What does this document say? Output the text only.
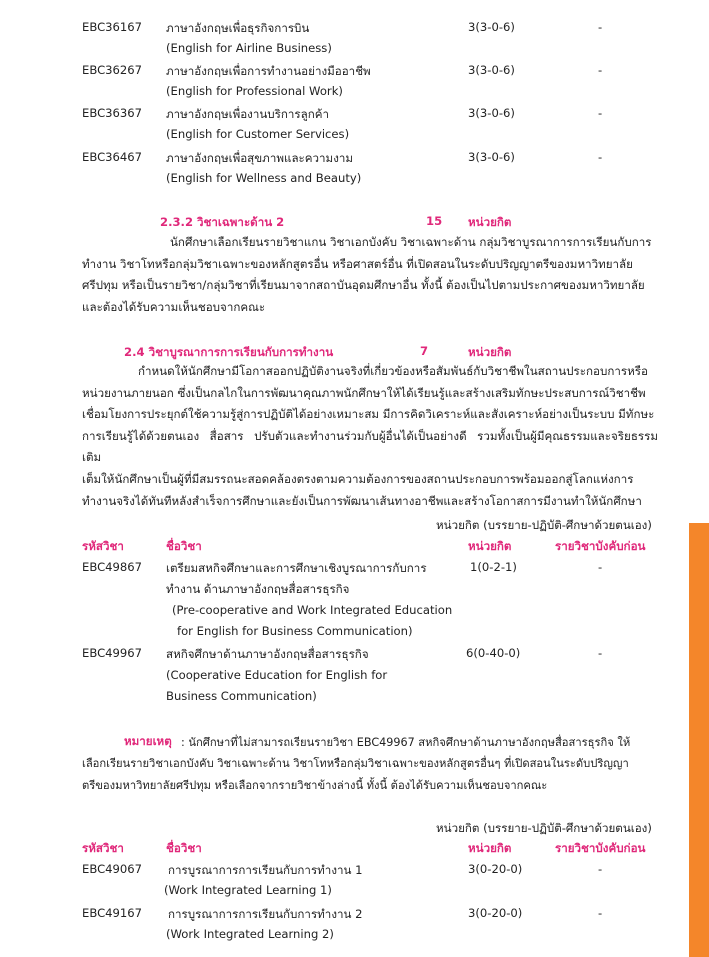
EBC36167 ภาษาอังกฤษเพื่อธุรกิจการบิน
(English for Airline Business)
3(3-0-6)	-
EBC36267 ภาษาอังกฤษเพื่อการทำงานอย่างมืออาชีพ
(English for Professional Work)
3(3-0-6)	-
EBC36367 ภาษาอังกฤษเพื่องานบริการลูกค้า
(English for Customer Services)
3(3-0-6)	-
EBC36467 ภาษาอังกฤษเพื่อสุขภาพและความงาม
(English for Wellness and Beauty)
3(3-0-6)	-
2.3.2 วิชาเฉพาะด้าน 2	15 หน่วยกิต
นักศึกษาเลือกเรียนรายวิชาแกน วิชาเอกบังคับ วิชาเฉพาะด้าน กลุ่มวิชาบูรณาการการเรียนกับการ
ทำงาน วิชาโทหรือกลุ่มวิชาเฉพาะของหลักสูตรอื่น หรือศาสตร์อื่น ที่เปิดสอนในระดับปริญญาตรีของมหาวิทยาลัย
ศรีปทุม หรือเป็นรายวิชา/กลุ่มวิชาที่เรียนมาจากสถาบันอุดมศึกษาอื่น ทั้งนี้ ต้องเป็นไปตามประกาศของมหาวิทยาลัย
และต้องได้รับความเห็นชอบจากคณะ
2.4 วิชาบูรณาการการเรียนกับการทำงาน	7	หน่วยกิต
กำหนดให้นักศึกษามีโอกาสออกปฏิบัติงานจริงที่เกี่ยวข้องหรือสัมพันธ์กับวิชาชีพในสถานประกอบการหรือ
หน่วยงานภายนอก ซึ่งเป็นกลไกในการพัฒนาคุณภาพนักศึกษาให้ได้เรียนรู้และสร้างเสริมทักษะประสบการณ์วิชาชีพ
เชื่อมโยงการประยุกต์ใช้ความรู้สู่การปฏิบัติได้อย่างเหมาะสม มีการคิดวิเคราะห์และสังเคราะห์อย่างเป็นระบบ มีทักษะ
การเรียนรู้ได้ด้วยตนเอง สื่อสาร ปรับตัวและทำงานร่วมกับผู้อื่นได้เป็นอย่างดี รวมทั้งเป็นผู้มีคุณธรรมและจริยธรรม เติม
เต็มให้นักศึกษาเป็นผู้ที่มีสมรรถนะสอดคล้องตรงตามความต้องการของสถานประกอบการพร้อมออกสู่โลกแห่งการ
ทำงานจริงได้ทันทีหลังสำเร็จการศึกษาและยังเป็นการพัฒนาเส้นทางอาชีพและสร้างโอกาสการมีงานทำให้นักศึกษา
หน่วยกิต (บรรยาย-ปฏิบัติ-ศึกษาด้วยตนเอง)
รหัสวิชา	ชื่อวิชา	หน่วยกิต	รายวิชาบังคับก่อน
EBC49867 เตรียมสหกิจศึกษาและการศึกษาเชิงบูรณาการกับการ
ทำงาน ด้านภาษาอังกฤษสื่อสารธุรกิจ
(Pre-cooperative and Work Integrated Education
for English for Business Communication)
1(0-2-1)	-
EBC49967 สหกิจศึกษาด้านภาษาอังกฤษสื่อสารธุรกิจ
(Cooperative Education for English for
Business Communication)
6(0-40-0)	-
หมายเหตุ : นักศึกษาที่ไม่สามารถเรียนรายวิชา EBC49967 สหกิจศึกษาด้านภาษาอังกฤษสื่อสารธุรกิจ ให้
เลือกเรียนรายวิชาเอกบังคับ วิชาเฉพาะด้าน วิชาโทหรือกลุ่มวิชาเฉพาะของหลักสูตรอื่นๆ ที่เปิดสอนในระดับปริญญา
ตรีของมหาวิทยาลัยศรีปทุม หรือเลือกจากรายวิชาข้างล่างนี้ ทั้งนี้ ต้องได้รับความเห็นชอบจากคณะ
หน่วยกิต (บรรยาย-ปฏิบัติ-ศึกษาด้วยตนเอง)
รหัสวิชา	ชื่อวิชา	หน่วยกิต	รายวิชาบังคับก่อน
EBC49067 การบูรณาการการเรียนกับการทำงาน 1
(Work Integrated Learning 1)
3(0-20-0)	-
EBC49167 การบูรณาการการเรียนกับการทำงาน 2
(Work Integrated Learning 2)
3(0-20-0)	-
